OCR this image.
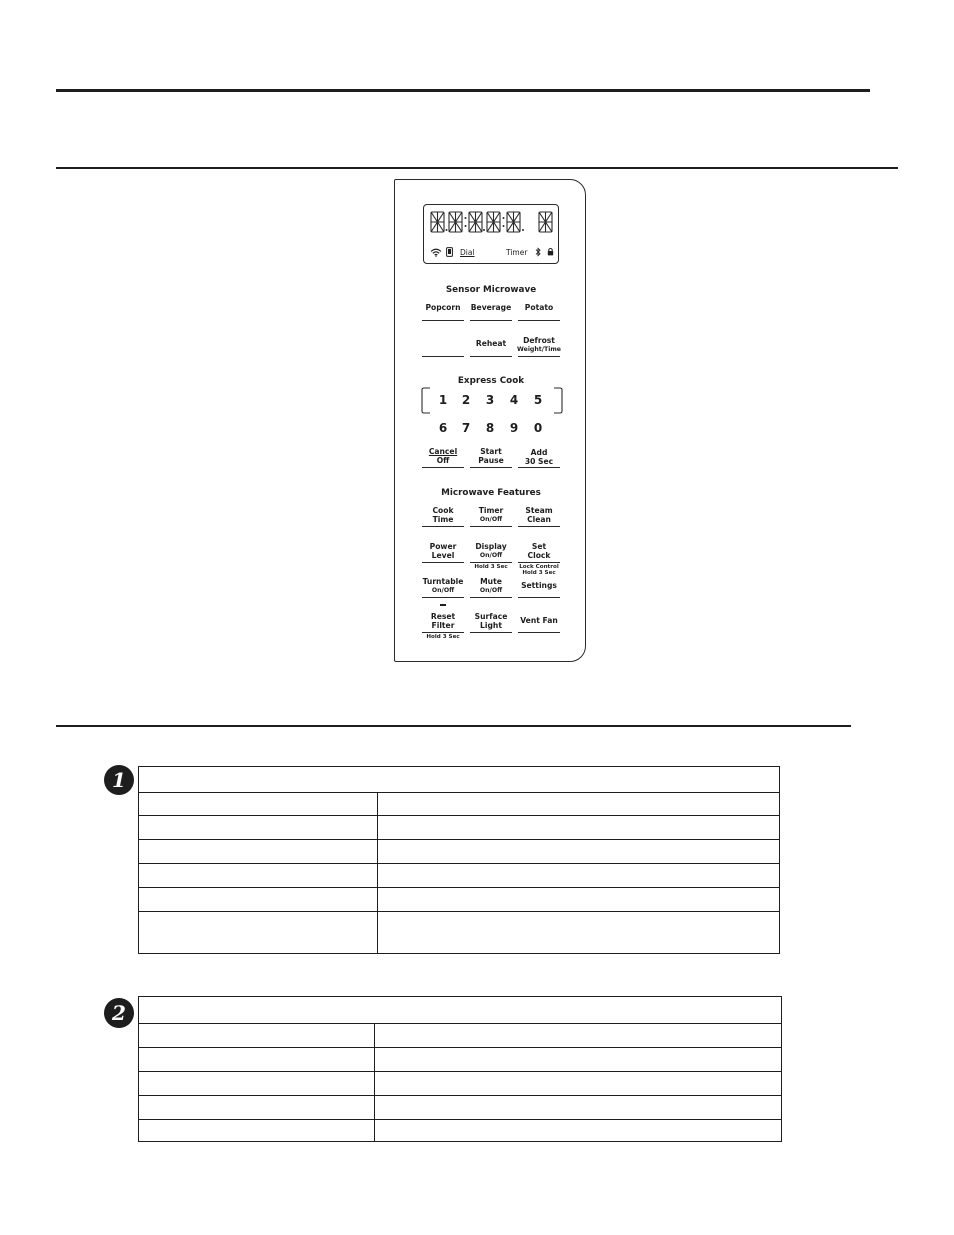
Dial	Timer
Sensor Microwave
Popcorn	Beverage	Potato
Reheat	Defrost
Weight/Time
Express Cook
1 2 3 4 5
6 7 8 9 0
Cancel
Off
Start
Pause
Add
30 Sec
Microwave Features
Cook
Time
Timer
On/Off
Steam
Clean
Power
Level
Display
On/Off
Hold 3 Sec
Set
Clock
Lock Control
Hold 3 Sec
Turntable
On/Off
Mute
On/Off
Settings
Reset
Filter
Hold 3 Sec
Surface
Light
Vent Fan
1
2
